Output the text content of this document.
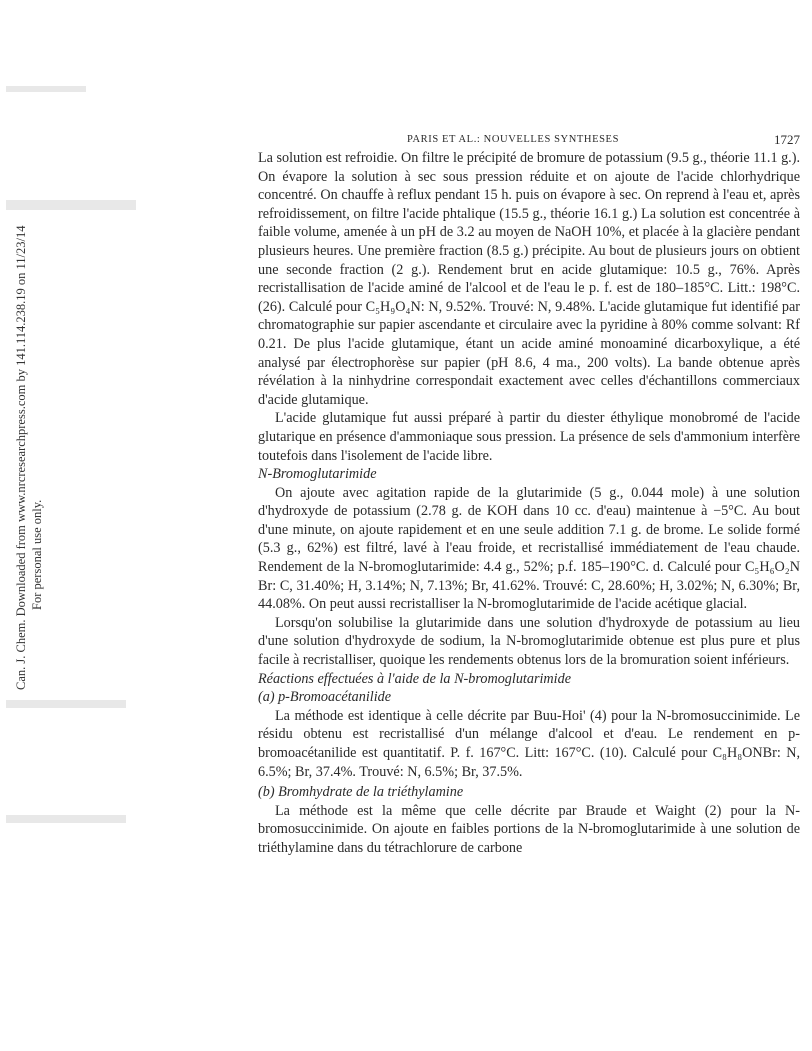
PARIS ET AL.: NOUVELLES SYNTHESES	1727
Can. J. Chem. Downloaded from www.nrcresearchpress.com by 141.114.238.19 on 11/23/14 For personal use only.

La solution est refroidie. On filtre le précipité de bromure de potassium (9.5 g., théorie 11.1 g.). On évapore la solution à sec sous pression réduite et on ajoute de l'acide chlorhydrique concentré. On chauffe à reflux pendant 15 h. puis on évapore à sec. On reprend à l'eau et, après refroidissement, on filtre l'acide phtalique (15.5 g., théorie 16.1 g.) La solution est concentrée à faible volume, amenée à un pH de 3.2 au moyen de NaOH 10%, et placée à la glacière pendant plusieurs heures. Une première fraction (8.5 g.) précipite. Au bout de plusieurs jours on obtient une seconde fraction (2 g.). Rendement brut en acide glutamique: 10.5 g., 76%. Après recristallisation de l'acide aminé de l'alcool et de l'eau le p. f. est de 180–185°C. Litt.: 198°C. (26). Calculé pour C₅H₉O₄N: N, 9.52%. Trouvé: N, 9.48%. L'acide glutamique fut identifié par chromatographie sur papier ascendante et circulaire avec la pyridine à 80% comme solvant: Rf 0.21. De plus l'acide glutamique, étant un acide aminé monoaminé dicarboxylique, a été analysé par électrophorèse sur papier (pH 8.6, 4 ma., 200 volts). La bande obtenue après révélation à la ninhydrine correspondait exactement avec celles d'échantillons commerciaux d'acide glutamique.

L'acide glutamique fut aussi préparé à partir du diester éthylique monobromé de l'acide glutarique en présence d'ammoniaque sous pression. La présence de sels d'ammonium interfère toutefois dans l'isolement de l'acide libre.

N-Bromoglutarimide

On ajoute avec agitation rapide de la glutarimide (5 g., 0.044 mole) à une solution d'hydroxyde de potassium (2.78 g. de KOH dans 10 cc. d'eau) maintenue à −5°C. Au bout d'une minute, on ajoute rapidement et en une seule addition 7.1 g. de brome. Le solide formé (5.3 g., 62%) est filtré, lavé à l'eau froide, et recristallisé immédiatement de l'eau chaude. Rendement de la N-bromoglutarimide: 4.4 g., 52%; p.f. 185–190°C. d. Calculé pour C₅H₆O₂N Br: C, 31.40%; H, 3.14%; N, 7.13%; Br, 41.62%. Trouvé: C, 28.60%; H, 3.02%; N, 6.30%; Br, 44.08%. On peut aussi recristalliser la N-bromoglutarimide de l'acide acétique glacial.

Lorsqu'on solubilise la glutarimide dans une solution d'hydroxyde de potassium au lieu d'une solution d'hydroxyde de sodium, la N-bromoglutarimide obtenue est plus pure et plus facile à recristalliser, quoique les rendements obtenus lors de la bromuration soient inférieurs.

Réactions effectuées à l'aide de la N-bromoglutarimide

(a) p-Bromoacétanilide

La méthode est identique à celle décrite par Buu-Hoi' (4) pour la N-bromosuccinimide. Le résidu obtenu est recristallisé d'un mélange d'alcool et d'eau. Le rendement en p-bromoacétanilide est quantitatif. P. f. 167°C. Litt: 167°C. (10). Calculé pour C₈H₈ONBr: N, 6.5%; Br, 37.4%. Trouvé: N, 6.5%; Br, 37.5%.

(b) Bromhydrate de la triéthylamine

La méthode est la même que celle décrite par Braude et Waight (2) pour la N-bromosuccinimide. On ajoute en faibles portions de la N-bromoglutarimide à une solution de triéthylamine dans du tétrachlorure de carbone
